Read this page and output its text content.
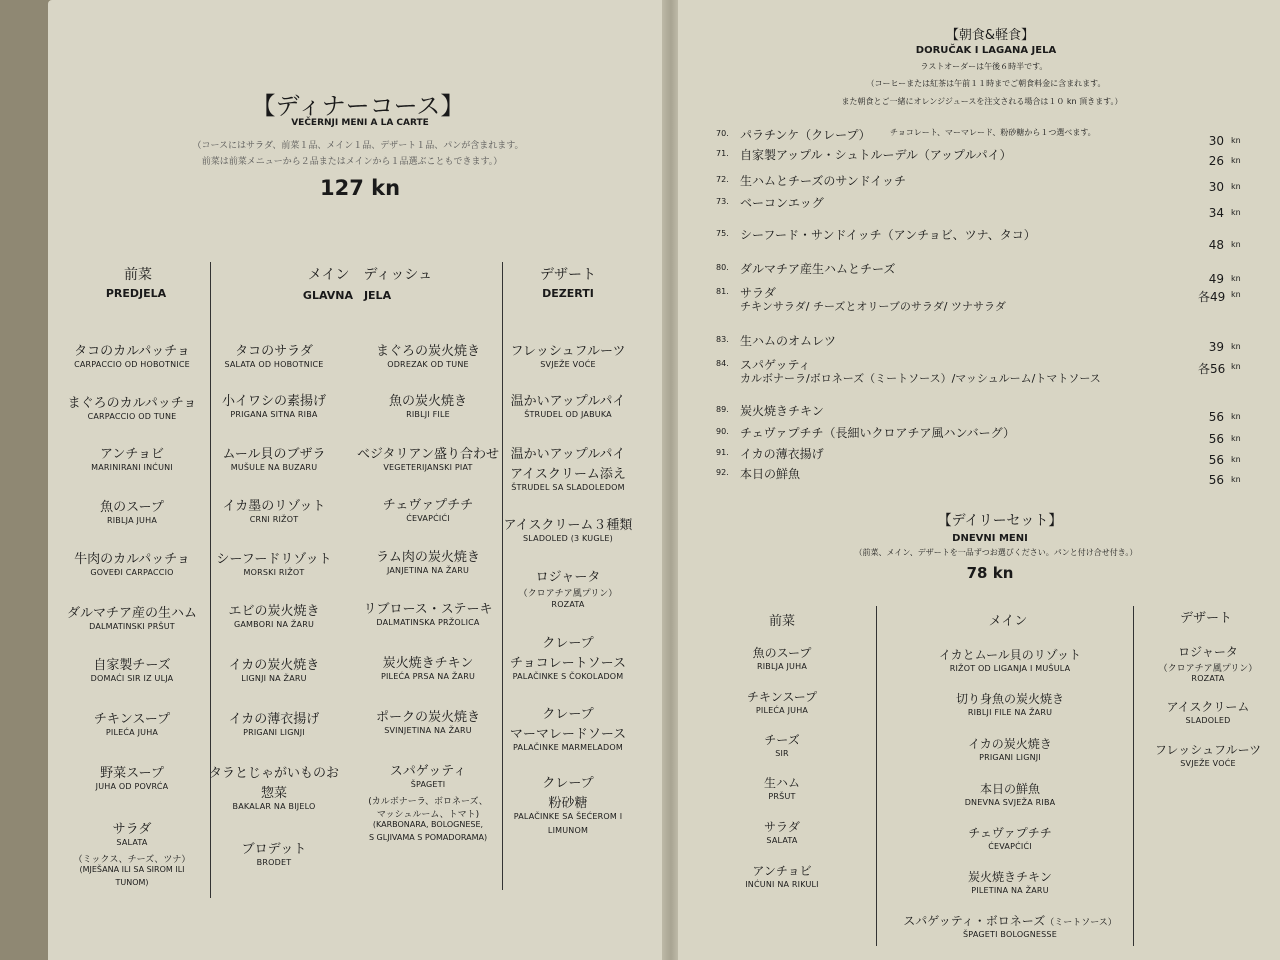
【ディナーコース】
VEČERNJI MENI A LA CARTE
（コースにはサラダ、前菜１品、メイン１品、デザート１品、パンが含まれます。
前菜は前菜メニューから２品またはメインから１品選ぶこともできます。）
127 kn
前菜
PREDJELA
メイン　ディッシュ
GLAVNA　JELA
デザート
DEZERTI
タコのカルパッチョ
CARPACCIO OD HOBOTNICE
まぐろのカルパッチョ
CARPACCIO OD TUNE
アンチョビ
MARINIRANI INĆUNI
魚のスープ
RIBLJA JUHA
牛肉のカルパッチョ
GOVEĐI CARPACCIO
ダルマチア産の生ハム
DALMATINSKI PRŠUT
自家製チーズ
DOMAĆI SIR IZ ULJA
チキンスープ
PILEĆA JUHA
野菜スープ
JUHA OD POVRĆA
サラダ
SALATA
（ミックス、チーズ、ツナ）
(MJEŠANA ILI SA SIROM ILI
TUNOM)
タコのサラダ
SALATA OD HOBOTNICE
小イワシの素揚げ
PRIGANA SITNA RIBA
ムール貝のブザラ
MUŠULE NA BUZARU
イカ墨のリゾット
CRNI RIŽOT
シーフードリゾット
MORSKI RIŽOT
エビの炭火焼き
GAMBORI NA ŽARU
イカの炭火焼き
LIGNJI NA ŽARU
イカの薄衣揚げ
PRIGANI LIGNJI
タラとじゃがいものお
惣菜
BAKALAR NA BIJELO
ブロデット
BRODET
まぐろの炭火焼き
ODREZAK OD TUNE
魚の炭火焼き
RIBLJI FILE
ベジタリアン盛り合わせ
VEGETERIJANSKI PIAT
チェヴァプチチ
ĆEVAPĆIĆI
ラム肉の炭火焼き
JANJETINA NA ŽARU
リブロース・ステーキ
DALMATINSKA PRŽOLICA
炭火焼きチキン
PILEĆA PRSA NA ŽARU
ポークの炭火焼き
SVINJETINA NA ŽARU
スパゲッティ
ŠPAGETI
(カルボナーラ、ボロネーズ、
マッシュルーム、トマト)
(KARBONARA, BOLOGNESE,
S GLJIVAMA S POMADORAMA)
フレッシュフルーツ
SVJEŽE VOĆE
温かいアップルパイ
ŠTRUDEL OD JABUKA
温かいアップルパイ
アイスクリーム添え
ŠTRUDEL SA SLADOLEDOM
アイスクリーム３種類
SLADOLED (3 KUGLE)
ロジャータ
（クロアチア風プリン）
ROZATA
クレープ
チョコレートソース
PALAČINKE S ČOKOLADOM
クレープ
マーマレードソース
PALAČINKE MARMELADOM
クレープ
粉砂糖
PALAČINKE SA ŠEĆEROM I
LIMUNOM
【朝食&軽食】
DORUČAK I LAGANA JELA
ラストオーダーは午後６時半です。
（コーヒーまたは紅茶は午前１１時までご朝食料金に含まれます。
また朝食とご一緒にオレンジジュースを注文される場合は１０ kn 頂きます。）
70. パラチンケ（クレープ） チョコレート、マーマレード、粉砂糖から１つ選べます。
30 kn
71. 自家製アップル・シュトルーデル（アップルパイ）	26 kn
72. 生ハムとチーズのサンドイッチ	30 kn
73. ベーコンエッグ
34 kn
75. シーフード・サンドイッチ（アンチョビ、ツナ、タコ）
48 kn
80. ダルマチア産生ハムとチーズ
49 kn
81. サラダ
チキンサラダ/ チーズとオリーブのサラダ/ ツナサラダ
各49 kn
83. 生ハムのオムレツ	39 kn
84. スパゲッティ
カルボナーラ/ボロネーズ（ミートソース）/マッシュルーム/トマトソース
各56 kn
89. 炭火焼きチキン	56 kn
90. チェヴァプチチ（長細いクロアチア風ハンバーグ）	56 kn
91. イカの薄衣揚げ	56 kn
92. 本日の鮮魚	56 kn
【デイリーセット】
DNEVNI MENI
（前菜、メイン、デザートを一品ずつお選びください。パンと付け合せ付き。）
78 kn
前菜	メイン	デザート
魚のスープ
RIBLJA JUHA
チキンスープ
PILEĆA JUHA
チーズ
SIR
生ハム
PRŠUT
サラダ
SALATA
アンチョビ
INĆUNI NA RIKULI
イカとムール貝のリゾット
RIŽOT OD LIGANJA I MUŠULA
切り身魚の炭火焼き
RIBLJI FILE NA ŽARU
イカの炭火焼き
PRIGANI LIGNJI
本日の鮮魚
DNEVNA SVJEŽA RIBA
チェヴァプチチ
ĆEVAPĆIĆI
炭火焼きチキン
PILETINA NA ŽARU
スパゲッティ・ボロネーズ（ミートソース）
ŠPAGETI BOLOGNESSE
ロジャータ
（クロアチア風プリン）
ROZATA
アイスクリーム
SLADOLED
フレッシュフルーツ
SVJEŽE VOĆE
